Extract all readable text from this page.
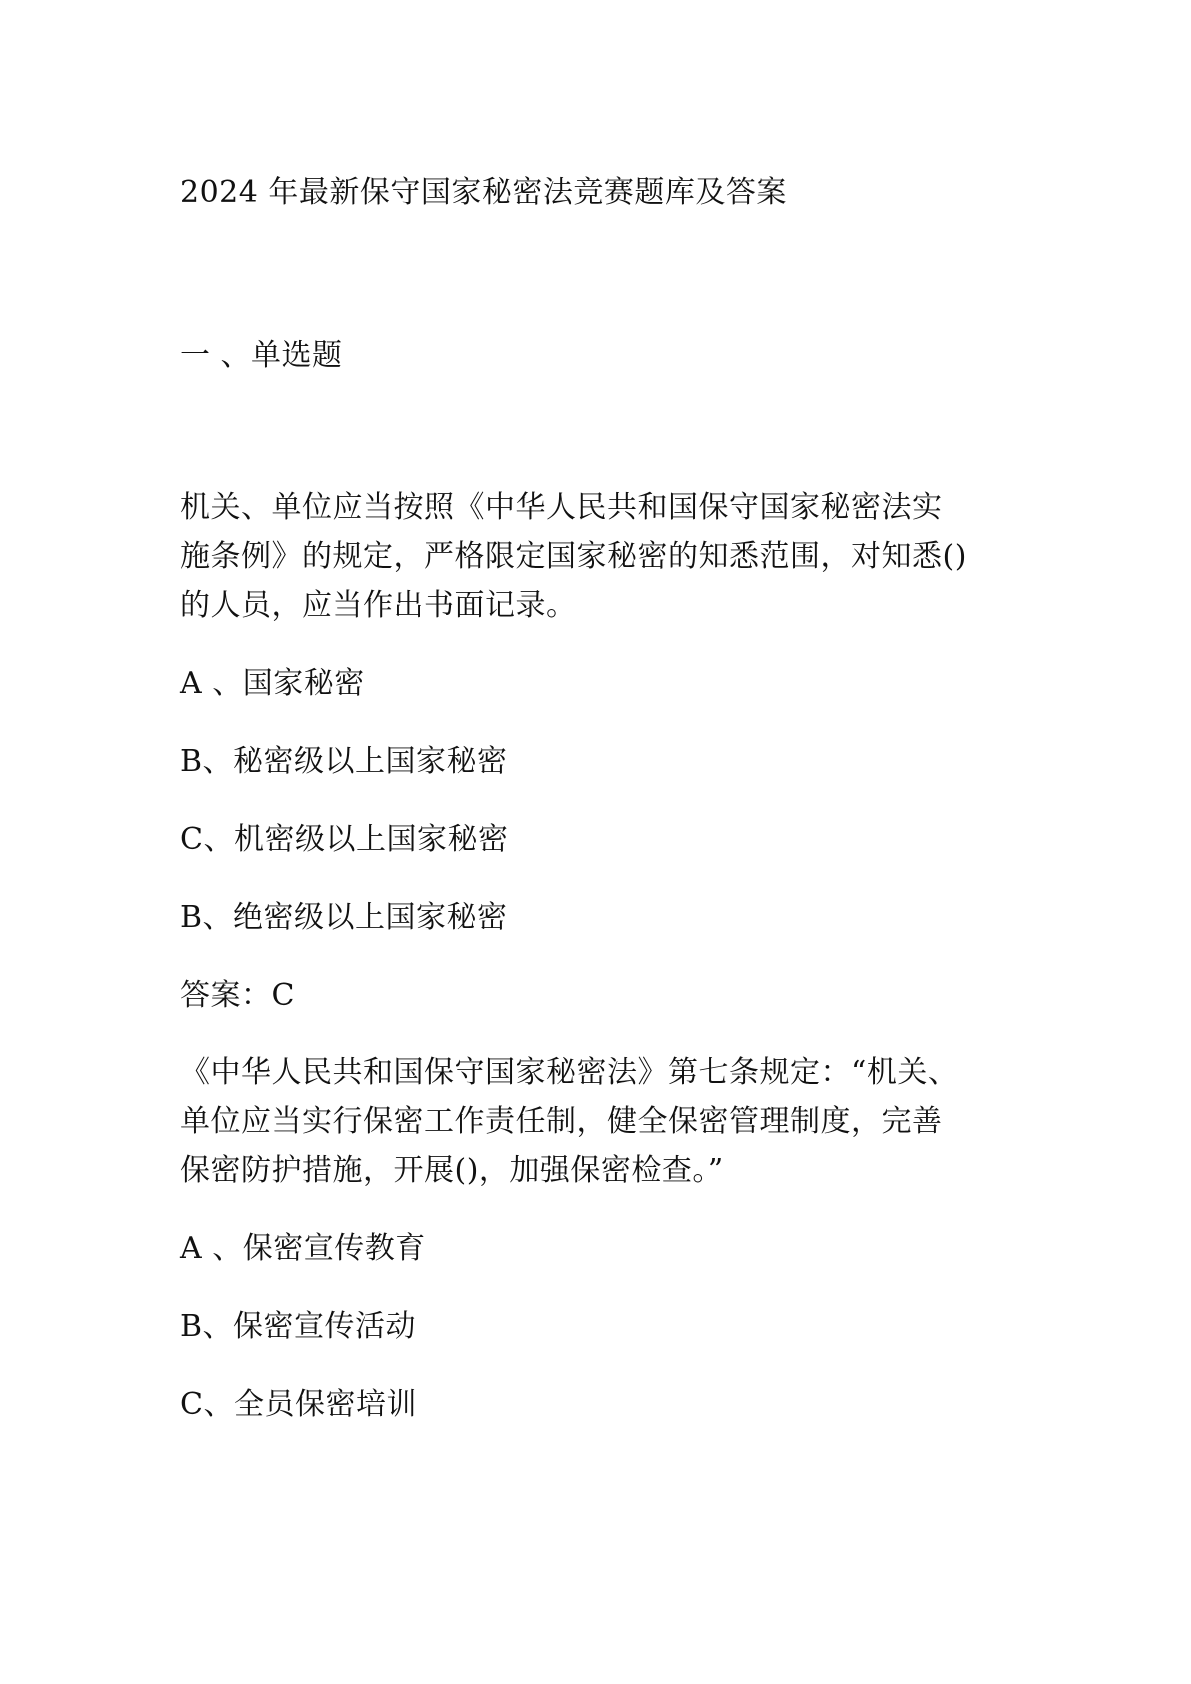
2024 年最新保守国家秘密法竞赛题库及答案
一 、单选题
机关、单位应当按照《中华人民共和国保守国家秘密法实
施条例》的规定，严格限定国家秘密的知悉范围，对知悉()
的人员，应当作出书面记录。
A 、国家秘密
B、秘密级以上国家秘密
C、机密级以上国家秘密
B、绝密级以上国家秘密
答案：C
《中华人民共和国保守国家秘密法》第七条规定：“机关、
单位应当实行保密工作责任制，健全保密管理制度，完善
保密防护措施，开展()，加强保密检查。”
A 、保密宣传教育
B、保密宣传活动
C、全员保密培训
